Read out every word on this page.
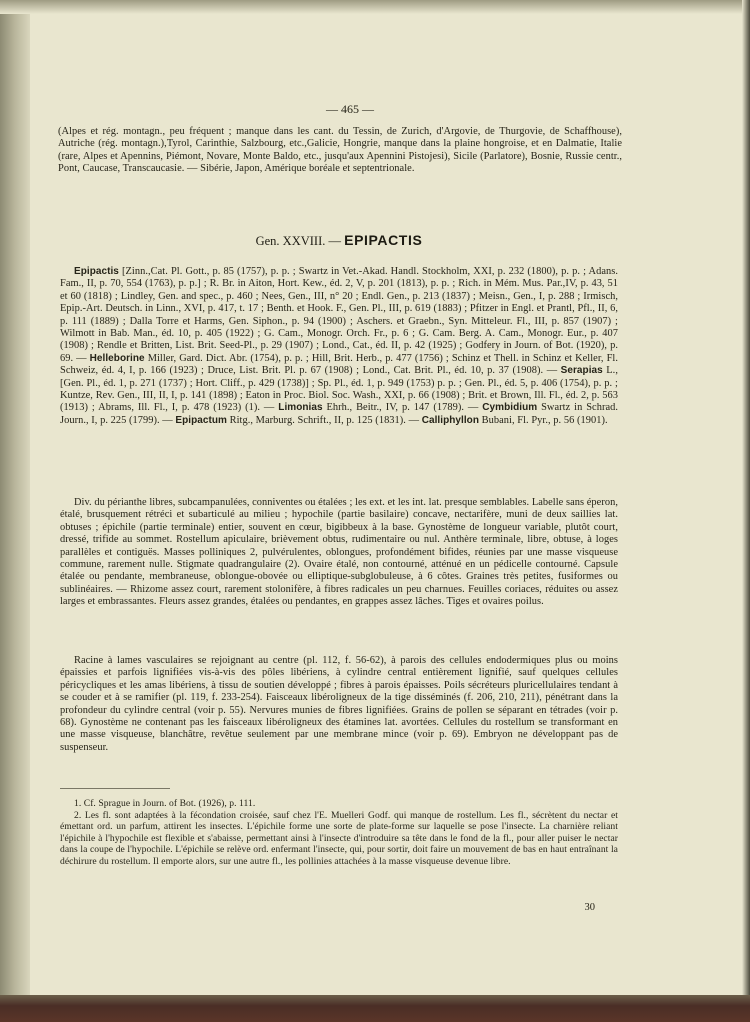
— 465 —
(Alpes et rég. montagn., peu fréquent ; manque dans les cant. du Tessin, de Zurich, d'Argovie, de Thurgovie, de Schaffhouse), Autriche (rég. montagn.),Tyrol, Carinthie, Salzbourg, etc.,Galicie, Hongrie, manque dans la plaine hongroise, et en Dalmatie, Italie (rare, Alpes et Apennins, Piémont, Novare, Monte Baldo, etc., jusqu'aux Apennini Pistojesi), Sicile (Parlatore), Bosnie, Russie centr., Pont, Caucase, Transcaucasie. — Sibérie, Japon, Amérique boréale et septentrionale.
Gen. XXVIII. — EPIPACTIS
Epipactis [Zinn.,Cat. Pl. Gott., p. 85 (1757), p. p. ; Swartz in Vet.-Akad. Handl. Stockholm, XXI, p. 232 (1800), p. p. ; Adans. Fam., II, p. 70, 554 (1763), p. p.] ; R. Br. in Aiton, Hort. Kew., éd. 2, V, p. 201 (1813), p. p. ; Rich. in Mém. Mus. Par.,IV, p. 43, 51 et 60 (1818) ; Lindley, Gen. and spec., p. 460 ; Nees, Gen., III, n° 20 ; Endl. Gen., p. 213 (1837) ; Meisn., Gen., I, p. 288 ; Irmisch, Epip.-Art. Deutsch. in Linn., XVI, p. 417, t. 17 ; Benth. et Hook. F., Gen. Pl., III, p. 619 (1883) ; Pfitzer in Engl. et Prantl, Pfl., II, 6, p. 111 (1889) ; Dalla Torre et Harms, Gen. Siphon., p. 94 (1900) ; Aschers. et Graebn., Syn. Mitteleur. Fl., III, p. 857 (1907) ; Wilmott in Bab. Man., éd. 10, p. 405 (1922) ; G. Cam., Monogr. Orch. Fr., p. 6 ; G. Cam. Berg. A. Cam., Monogr. Eur., p. 407 (1908) ; Rendle et Britten, List. Brit. Seed-Pl., p. 29 (1907) ; Lond., Cat., éd. II, p. 42 (1925) ; Godfery in Journ. of Bot. (1920), p. 69. — Helleborine Miller, Gard. Dict. Abr. (1754), p. p. ; Hill, Brit. Herb., p. 477 (1756) ; Schinz et Thell. in Schinz et Keller, Fl. Schweiz, éd. 4, I, p. 166 (1923) ; Druce, List. Brit. Pl. p. 67 (1908) ; Lond., Cat. Brit. Pl., éd. 10, p. 37 (1908). — Serapias L., [Gen. Pl., éd. 1, p. 271 (1737) ; Hort. Cliff., p. 429 (1738)] ; Sp. Pl., éd. 1, p. 949 (1753) p. p. ; Gen. Pl., éd. 5, p. 406 (1754), p. p. ; Kuntze, Rev. Gen., III, II, I, p. 141 (1898) ; Eaton in Proc. Biol. Soc. Wash., XXI, p. 66 (1908) ; Brit. et Brown, Ill. Fl., éd. 2, p. 563 (1913) ; Abrams, Ill. Fl., I, p. 478 (1923) (1). — Limonias Ehrh., Beitr., IV, p. 147 (1789). — Cymbidium Swartz in Schrad. Journ., I, p. 225 (1799). — Epipactum Ritg., Marburg. Schrift., II, p. 125 (1831). — Calliphyllon Bubani, Fl. Pyr., p. 56 (1901).
Div. du périanthe libres, subcampanulées, conniventes ou étalées ; les ext. et les int. lat. presque semblables. Labelle sans éperon, étalé, brusquement rétréci et subarticulé au milieu ; hypochile (partie basilaire) concave, nectarifère, muni de deux saillies lat. obtuses ; épichile (partie terminale) entier, souvent en cœur, bigibbeux à la base. Gynostème de longueur variable, plutôt court, dressé, trifide au sommet. Rostellum apiculaire, brièvement obtus, rudimentaire ou nul. Anthère terminale, libre, obtuse, à loges parallèles et contiguës. Masses polliniques 2, pulvérulentes, oblongues, profondément bifides, réunies par une masse visqueuse commune, rarement nulle. Stigmate quadrangulaire (2). Ovaire étalé, non contourné, atténué en un pédicelle contourné. Capsule étalée ou pendante, membraneuse, oblongue-obovée ou elliptique-subglobuleuse, à 6 côtes. Graines très petites, fusiformes ou sublinéaires. — Rhizome assez court, rarement stolonifère, à fibres radicales un peu charnues. Feuilles coriaces, réduites ou assez larges et embrassantes. Fleurs assez grandes, étalées ou pendantes, en grappes assez lâches. Tiges et ovaires poilus.
Racine à lames vasculaires se rejoignant au centre (pl. 112, f. 56-62), à parois des cellules endodermiques plus ou moins épaissies et parfois lignifiées vis-à-vis des pôles libériens, à cylindre central entièrement lignifié, sauf quelques cellules péricycliques et les amas libériens, à tissu de soutien développé ; fibres à parois épaisses. Poils sécréteurs pluricellulaires tendant à se couder et à se ramifier (pl. 119, f. 233-254). Faisceaux libéroligneux de la tige disséminés (f. 206, 210, 211), pénétrant dans la profondeur du cylindre central (voir p. 55). Nervures munies de fibres lignifiées. Grains de pollen se séparant en tétrades (voir p. 68). Gynostème ne contenant pas les faisceaux libéroligneux des étamines lat. avortées. Cellules du rostellum se transformant en une masse visqueuse, blanchâtre, revêtue seulement par une membrane mince (voir p. 69). Embryon ne développant pas de suspenseur.

1. Cf. Sprague in Journ. of Bot. (1926), p. 111.

2. Les fl. sont adaptées à la fécondation croisée, sauf chez l'E. Muelleri Godf. qui manque de rostellum. Les fl., sécrètent du nectar et émettant ord. un parfum, attirent les insectes. L'épichile forme une sorte de plate-forme sur laquelle se pose l'insecte. La charnière reliant l'épichile à l'hypochile est flexible et s'abaisse, permettant ainsi à l'insecte d'introduire sa tête dans le fond de la fl., pour aller puiser le nectar dans la coupe de l'hypochile. L'épichile se relève ord. enfermant l'insecte, qui, pour sortir, doit faire un mouvement de bas en haut entraînant la déchirure du rostellum. Il emporte alors, sur une autre fl., les pollinies attachées à la masse visqueuse devenue libre.

30
